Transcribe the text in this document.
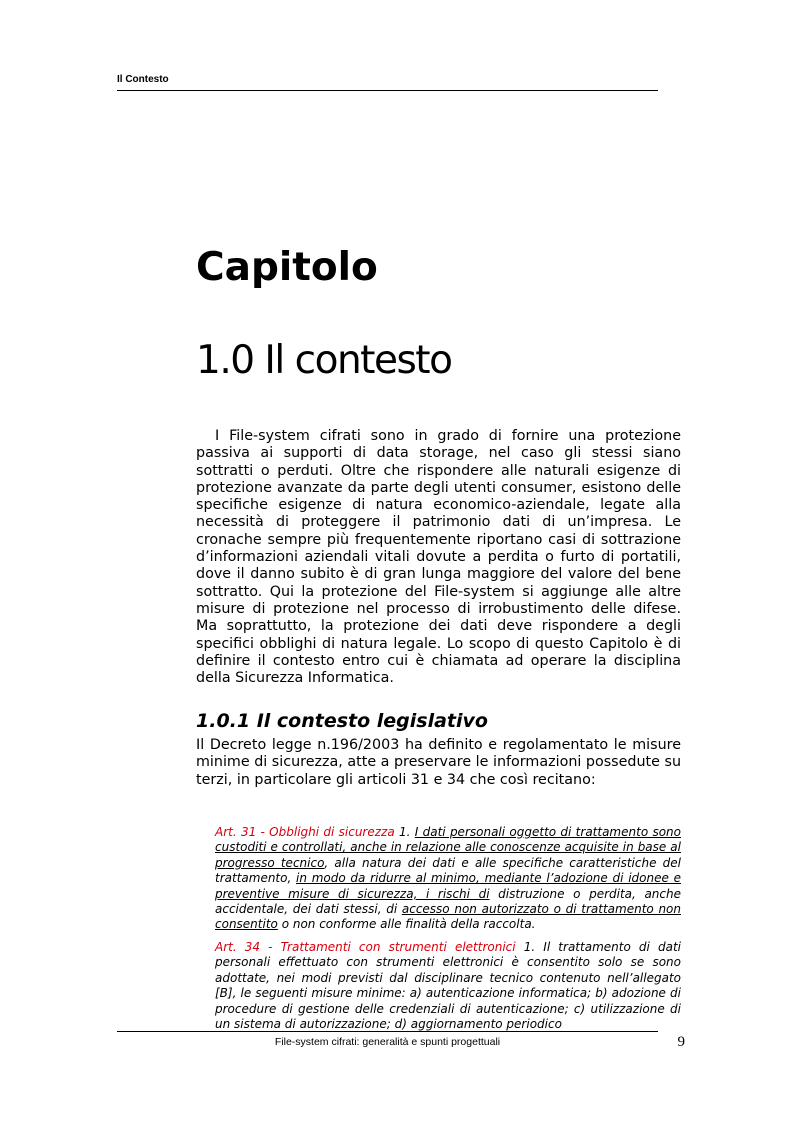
Il Contesto
Capitolo
1.0 Il contesto

I File-system cifrati sono in grado di fornire una protezione passiva ai supporti di data storage, nel caso gli stessi siano sottratti o perduti. Oltre che rispondere alle naturali esigenze di protezione avanzate da parte degli utenti consumer, esistono delle specifiche esigenze di natura economico-aziendale, legate alla necessità di proteggere il patrimonio dati di un’impresa. Le cronache sempre più frequentemente riportano casi di sottrazione d’informazioni aziendali vitali dovute a perdita o furto di portatili, dove il danno subito è di gran lunga maggiore del valore del bene sottratto. Qui la protezione del File-system si aggiunge alle altre misure di protezione nel processo di irrobustimento delle difese. Ma soprattutto, la protezione dei dati deve rispondere a degli specifici obblighi di natura legale. Lo scopo di questo Capitolo è di definire il contesto entro cui è chiamata ad operare la disciplina della Sicurezza Informatica.

1.0.1 Il contesto legislativo

Il Decreto legge n.196/2003 ha definito e regolamentato le misure minime di sicurezza, atte a preservare le informazioni possedute su terzi, in particolare gli articoli 31 e 34 che così recitano:

Art. 31 - Obblighi di sicurezza 1. I dati personali oggetto di trattamento sono custoditi e controllati, anche in relazione alle conoscenze acquisite in base al progresso tecnico, alla natura dei dati e alle specifiche caratteristiche del trattamento, in modo da ridurre al minimo, mediante l’adozione di idonee e preventive misure di sicurezza, i rischi di distruzione o perdita, anche accidentale, dei dati stessi, di accesso non autorizzato o di trattamento non consentito o non conforme alle finalità della raccolta.

Art. 34 - Trattamenti con strumenti elettronici 1. Il trattamento di dati personali effettuato con strumenti elettronici è consentito solo se sono adottate, nei modi previsti dal disciplinare tecnico contenuto nell’allegato [B], le seguenti misure minime: a) autenticazione informatica; b) adozione di procedure di gestione delle credenziali di autenticazione; c) utilizzazione di un sistema di autorizzazione; d) aggiornamento periodico

File-system cifrati: generalità e spunti progettuali	9
